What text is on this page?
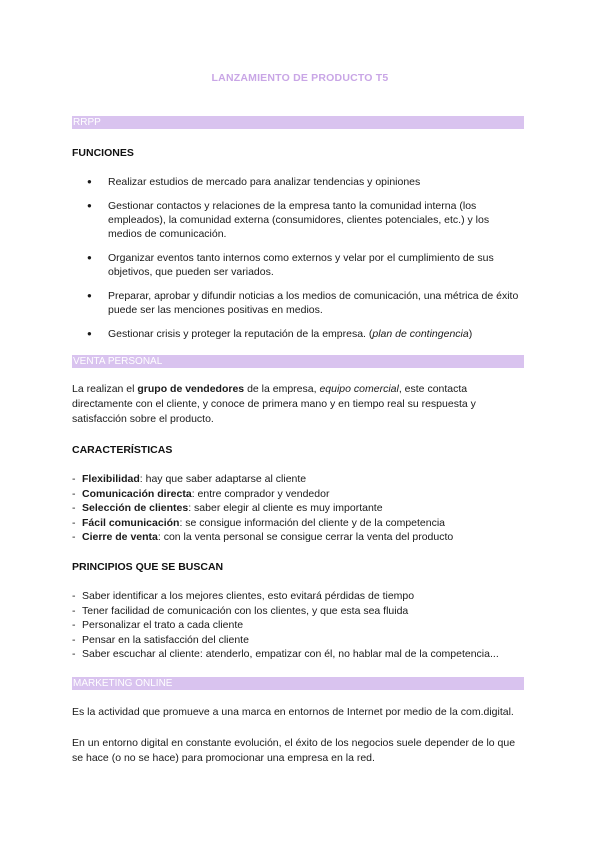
LANZAMIENTO DE PRODUCTO T5
RRPP
FUNCIONES
● Realizar estudios de mercado para analizar tendencias y opiniones
● Gestionar contactos y relaciones de la empresa tanto la comunidad interna (los empleados), la comunidad externa (consumidores, clientes potenciales, etc.) y los medios de comunicación.
● Organizar eventos tanto internos como externos y velar por el cumplimiento de sus objetivos, que pueden ser variados.
● Preparar, aprobar y difundir noticias a los medios de comunicación, una métrica de éxito puede ser las menciones positivas en medios.
● Gestionar crisis y proteger la reputación de la empresa. (plan de contingencia)
VENTA PERSONAL
La realizan el grupo de vendedores de la empresa, equipo comercial, este contacta directamente con el cliente, y conoce de primera mano y en tiempo real su respuesta y satisfacción sobre el producto.
CARACTERÍSTICAS
- Flexibilidad: hay que saber adaptarse al cliente
- Comunicación directa: entre comprador y vendedor
- Selección de clientes: saber elegir al cliente es muy importante
- Fácil comunicación: se consigue información del cliente y de la competencia
- Cierre de venta: con la venta personal se consigue cerrar la venta del producto
PRINCIPIOS QUE SE BUSCAN
- Saber identificar a los mejores clientes, esto evitará pérdidas de tiempo
- Tener facilidad de comunicación con los clientes, y que esta sea fluida
- Personalizar el trato a cada cliente
- Pensar en la satisfacción del cliente
- Saber escuchar al cliente: atenderlo, empatizar con él, no hablar mal de la competencia...
MARKETING ONLINE
Es la actividad que promueve a una marca en entornos de Internet por medio de la com.digital.
En un entorno digital en constante evolución, el éxito de los negocios suele depender de lo que se hace (o no se hace) para promocionar una empresa en la red.
